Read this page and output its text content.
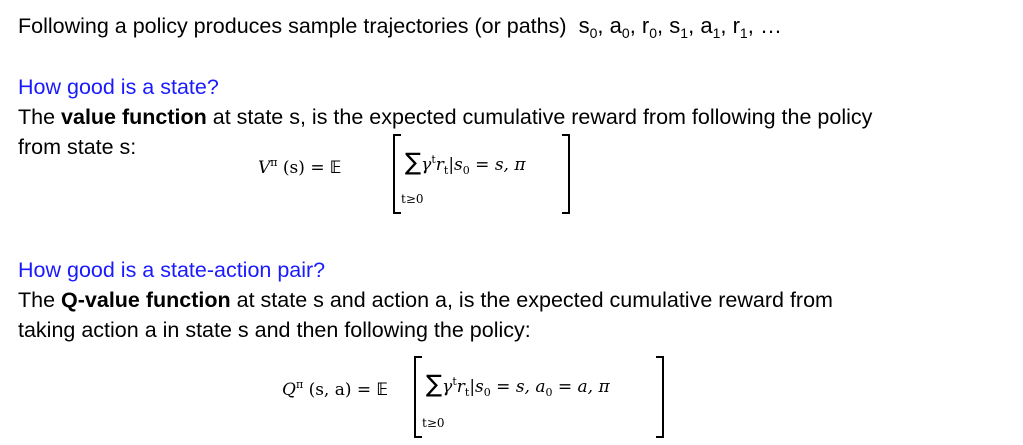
Following a policy produces sample trajectories (or paths) $s_0$, $a_0$, $r_0$, $s_1$, $a_1$, $r_1$, …
How good is a state?
The value function at state s, is the expected cumulative reward from following the policy
from state s:
$V^\pi$ (s) = 𝔼	$\sum\gamma^tr_t|s_0 = s$, π
t≥0
How good is a state-action pair?
The Q-value function at state s and action a, is the expected cumulative reward from
taking action a in state s and then following the policy:
$Q^\pi$ (s, a) = 𝔼 $\sum\gamma^tr_t|s_0 = s$, $a_0 = a$, π
t≥0
